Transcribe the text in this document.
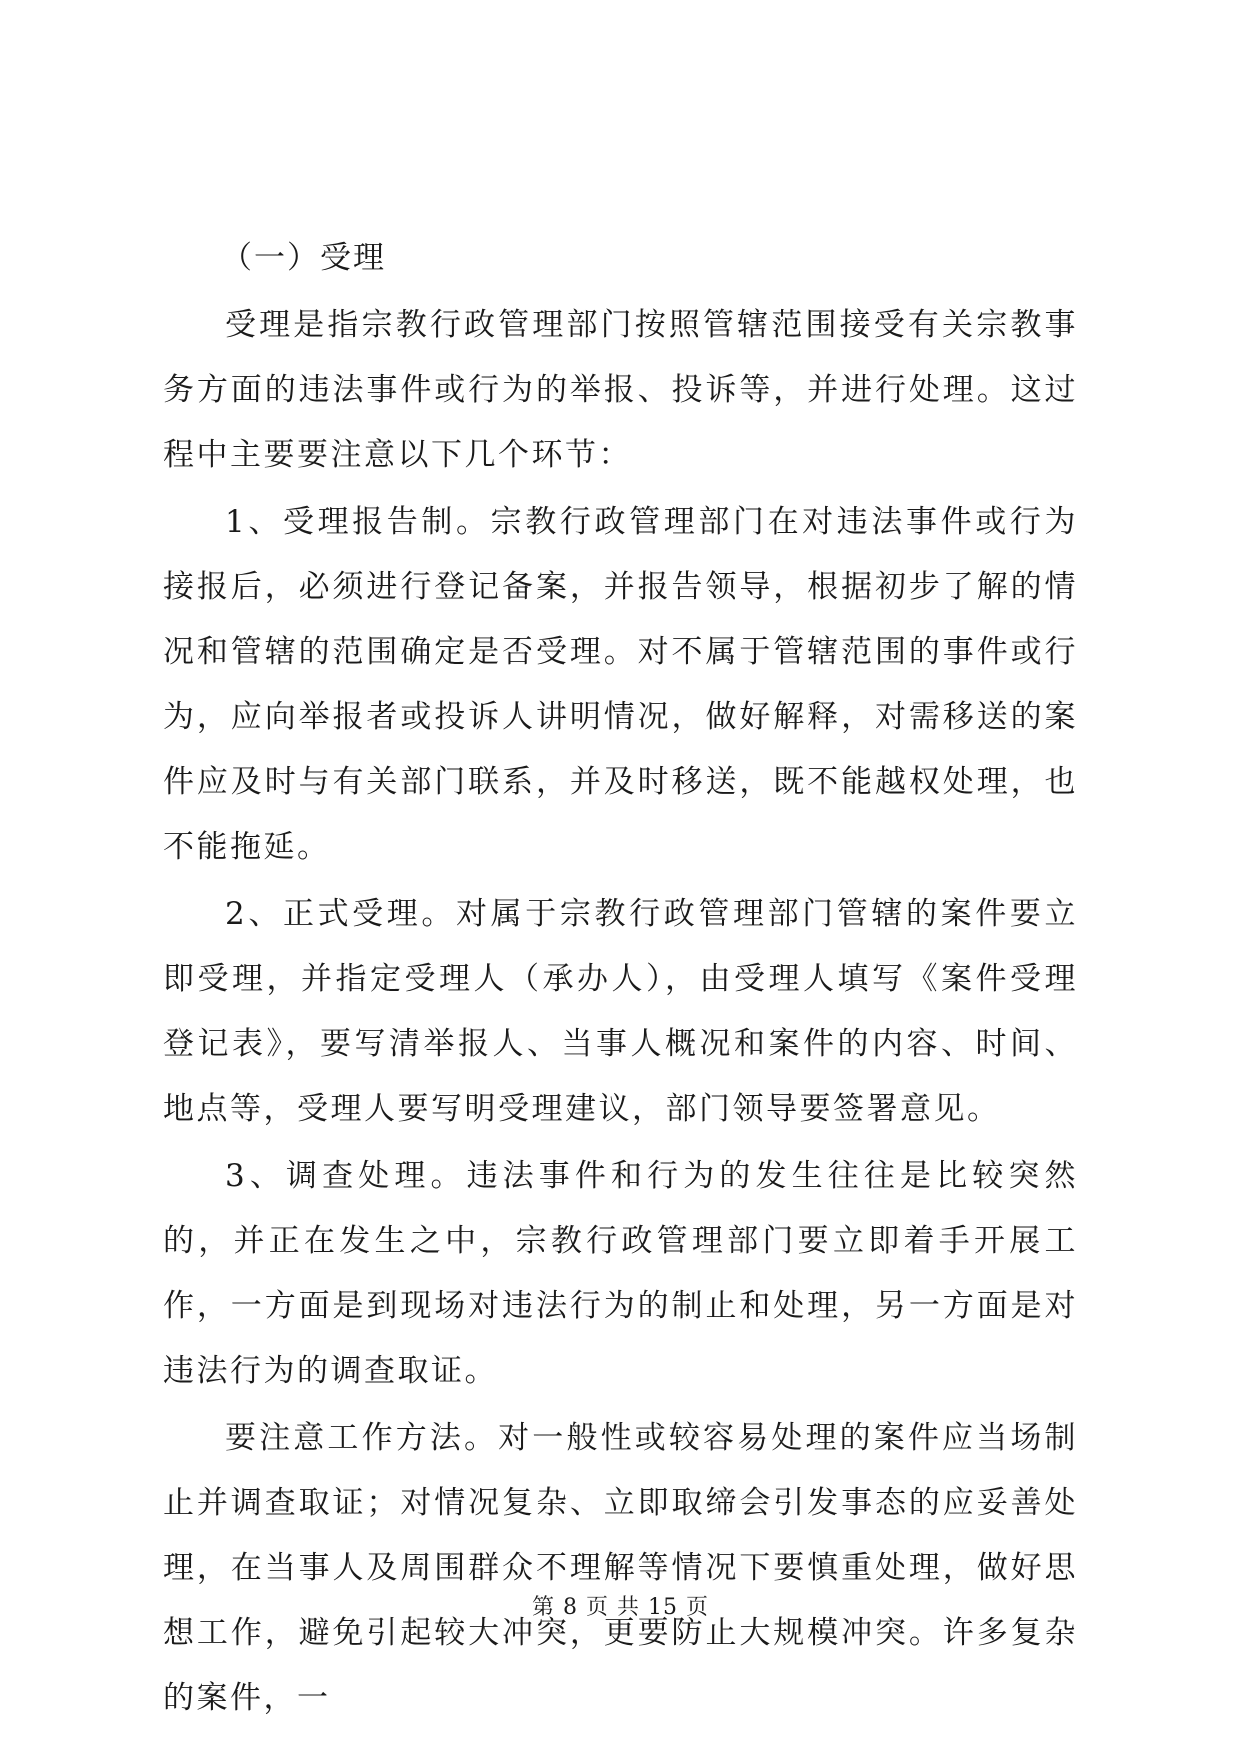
（一）受理

受理是指宗教行政管理部门按照管辖范围接受有关宗教事务方面的违法事件或行为的举报、投诉等，并进行处理。这过程中主要要注意以下几个环节：

1、受理报告制。宗教行政管理部门在对违法事件或行为接报后，必须进行登记备案，并报告领导，根据初步了解的情况和管辖的范围确定是否受理。对不属于管辖范围的事件或行为，应向举报者或投诉人讲明情况，做好解释，对需移送的案件应及时与有关部门联系，并及时移送，既不能越权处理，也不能拖延。

2、正式受理。对属于宗教行政管理部门管辖的案件要立即受理，并指定受理人（承办人），由受理人填写《案件受理登记表》，要写清举报人、当事人概况和案件的内容、时间、地点等，受理人要写明受理建议，部门领导要签署意见。

3、调查处理。违法事件和行为的发生往往是比较突然的，并正在发生之中，宗教行政管理部门要立即着手开展工作，一方面是到现场对违法行为的制止和处理，另一方面是对违法行为的调查取证。

要注意工作方法。对一般性或较容易处理的案件应当场制止并调查取证；对情况复杂、立即取缔会引发事态的应妥善处理，在当事人及周围群众不理解等情况下要慎重处理，做好思想工作，避免引起较大冲突，更要防止大规模冲突。许多复杂的案件，一

第 8 页 共 15 页
